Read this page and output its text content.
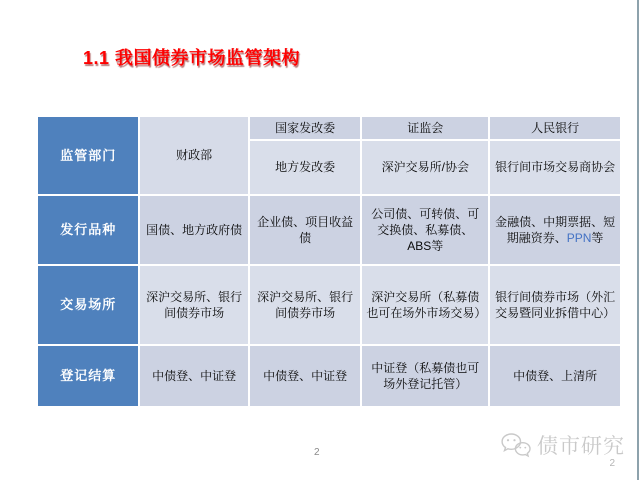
1.1 我国债券市场监管架构
监管部门	财政部	国家发改委	证监会	人民银行
		地方发改委	深沪交易所/协会	银行间市场交易商协会
发行品种	国债、地方政府债	企业债、项目收益债	公司债、可转债、可交换债、私募债、ABS等	金融债、中期票据、短期融资券、PPN等
交易场所	深沪交易所、银行间债券市场	深沪交易所、银行间债券市场	深沪交易所（私募债也可在场外市场交易）	银行间债券市场（外汇交易暨同业拆借中心）
登记结算	中债登、中证登	中债登、中证登	中证登（私募债也可场外登记托管）	中债登、上清所
2	债市研究
2
